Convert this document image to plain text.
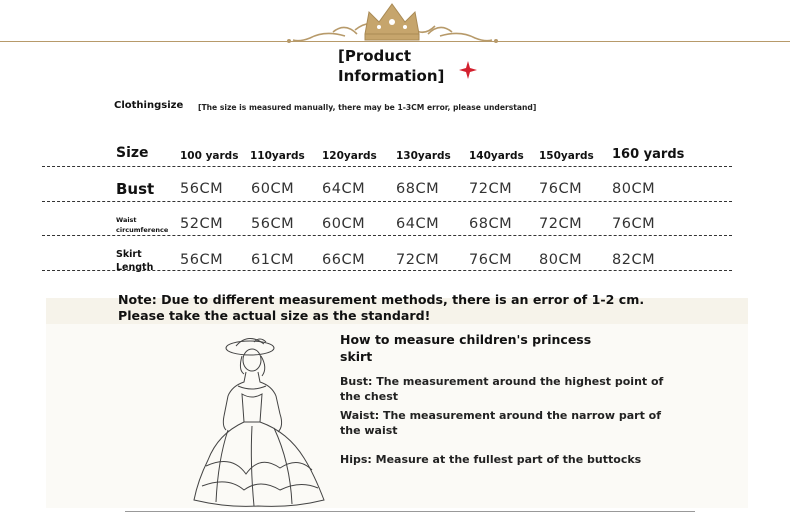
[Product
Information]
Clothingsize [The size is measured manually, there may be 1-3CM error, please understand]
Size	100 yards 110yards 120yards 130yards 140yards 150yards 160 yards
Bust 56CM 60CM 64CM 68CM 72CM 76CM 80CM
Waist
circumference 52CM 56CM 60CM 64CM 68CM 72CM 76CM
Skirt
Length 56CM 61CM 66CM 72CM 76CM 80CM 82CM
Note: Due to different measurement methods, there is an error of 1-2 cm. Please take the actual size as the standard!
How to measure children's princess skirt
Bust: The measurement around the highest point of the chest
Waist: The measurement around the narrow part of the waist
Hips: Measure at the fullest part of the buttocks
